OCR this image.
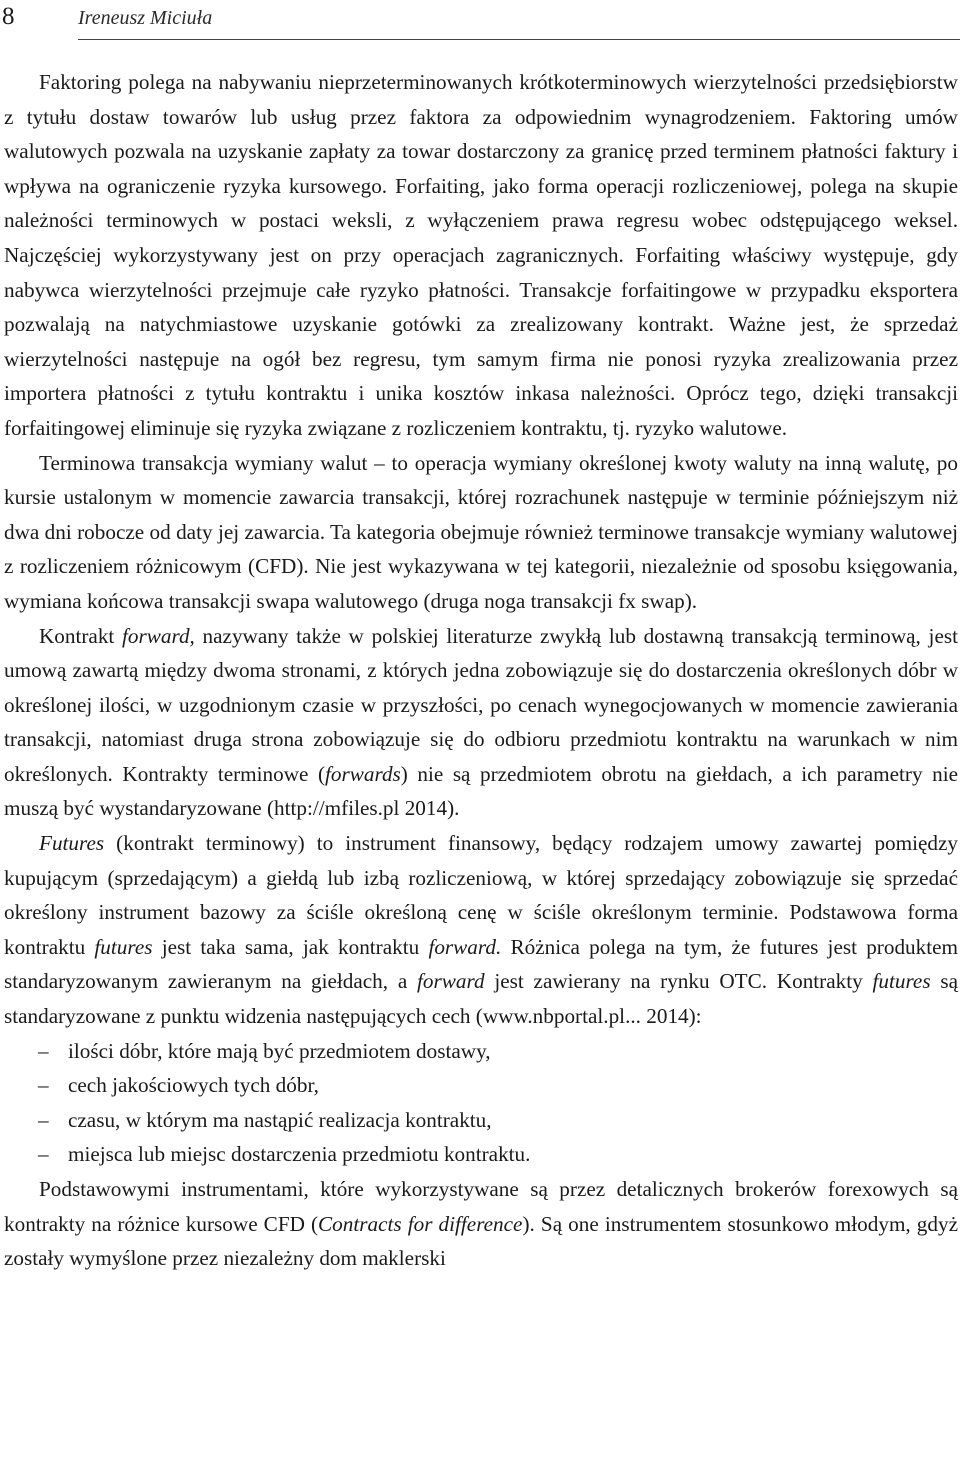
8	Ireneusz Miciuła

Faktoring polega na nabywaniu nieprzeterminowanych krótkoterminowych wierzytelności przedsiębiorstw z tytułu dostaw towarów lub usług przez faktora za odpowiednim wynagrodzeniem. Faktoring umów walutowych pozwala na uzyskanie zapłaty za towar dostarczony za granicę przed terminem płatności faktury i wpływa na ograniczenie ryzyka kursowego. Forfaiting, jako forma operacji rozliczeniowej, polega na skupie należności terminowych w postaci weksli, z wyłączeniem prawa regresu wobec odstępującego weksel. Najczęściej wykorzystywany jest on przy operacjach zagranicznych. Forfaiting właściwy występuje, gdy nabywca wierzytelności przejmuje całe ryzyko płatności. Transakcje forfaitingowe w przypadku eksportera pozwalają na natychmiastowe uzyskanie gotówki za zrealizowany kontrakt. Ważne jest, że sprzedaż wierzytelności następuje na ogół bez regresu, tym samym firma nie ponosi ryzyka zrealizowania przez importera płatności z tytułu kontraktu i unika kosztów inkasa należności. Oprócz tego, dzięki transakcji forfaitingowej eliminuje się ryzyka związane z rozliczeniem kontraktu, tj. ryzyko walutowe.

Terminowa transakcja wymiany walut – to operacja wymiany określonej kwoty waluty na inną walutę, po kursie ustalonym w momencie zawarcia transakcji, której rozrachunek następuje w terminie późniejszym niż dwa dni robocze od daty jej zawarcia. Ta kategoria obejmuje również terminowe transakcje wymiany walutowej z rozliczeniem różnicowym (CFD). Nie jest wykazywana w tej kategorii, niezależnie od sposobu księgowania, wymiana końcowa transakcji swapa walutowego (druga noga transakcji fx swap).

Kontrakt forward, nazywany także w polskiej literaturze zwykłą lub dostawną transakcją terminową, jest umową zawartą między dwoma stronami, z których jedna zobowiązuje się do dostarczenia określonych dóbr w określonej ilości, w uzgodnionym czasie w przyszłości, po cenach wynegocjowanych w momencie zawierania transakcji, natomiast druga strona zobowiązuje się do odbioru przedmiotu kontraktu na warunkach w nim określonych. Kontrakty terminowe (forwards) nie są przedmiotem obrotu na giełdach, a ich parametry nie muszą być wystandaryzowane (http://mfiles.pl 2014).

Futures (kontrakt terminowy) to instrument finansowy, będący rodzajem umowy zawartej pomiędzy kupującym (sprzedającym) a giełdą lub izbą rozliczeniową, w której sprzedający zobowiązuje się sprzedać określony instrument bazowy za ściśle określoną cenę w ściśle określonym terminie. Podstawowa forma kontraktu futures jest taka sama, jak kontraktu forward. Różnica polega na tym, że futures jest produktem standaryzowanym zawieranym na giełdach, a forward jest zawierany na rynku OTC. Kontrakty futures są standaryzowane z punktu widzenia następujących cech (www.nbportal.pl... 2014):

– ilości dóbr, które mają być przedmiotem dostawy,
– cech jakościowych tych dóbr,
– czasu, w którym ma nastąpić realizacja kontraktu,
– miejsca lub miejsc dostarczenia przedmiotu kontraktu.

Podstawowymi instrumentami, które wykorzystywane są przez detalicznych brokerów forexowych są kontrakty na różnice kursowe CFD (Contracts for difference). Są one instrumentem stosunkowo młodym, gdyż zostały wymyślone przez niezależny dom maklerski
